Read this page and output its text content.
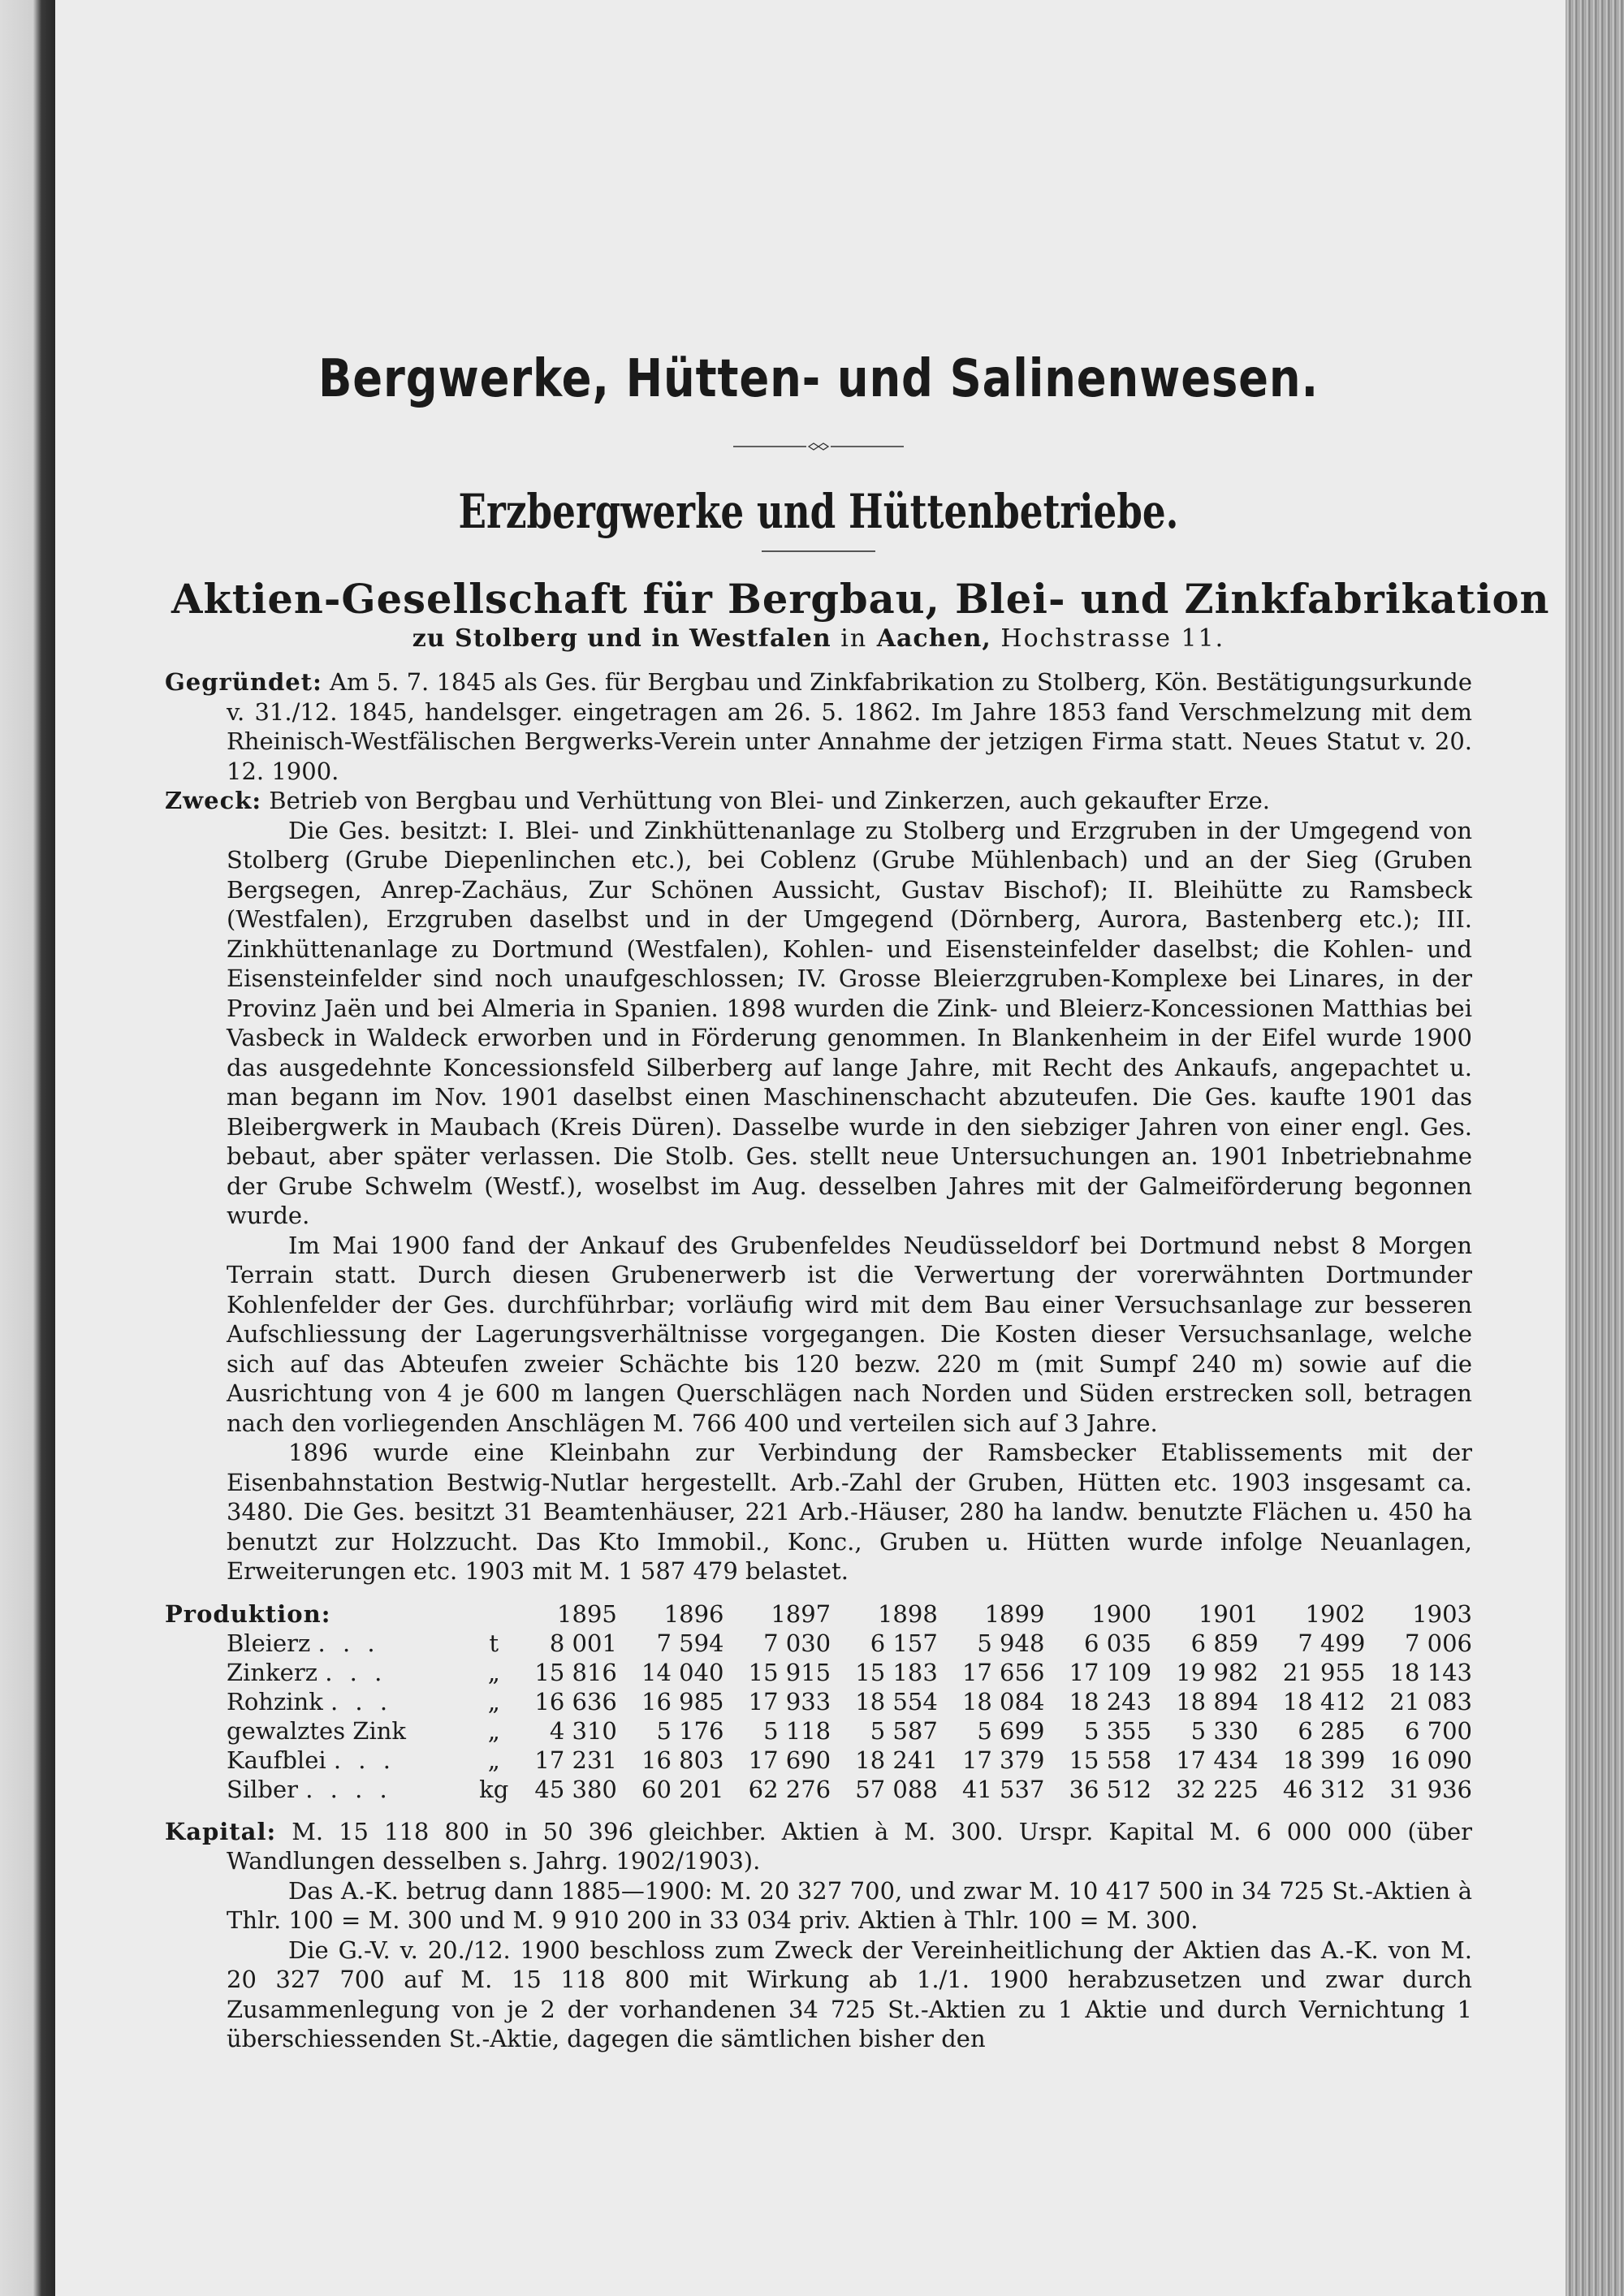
Bergwerke, Hütten- und Salinenwesen.
Erzbergwerke und Hüttenbetriebe.
Aktien-Gesellschaft für Bergbau, Blei- und Zinkfabrikation
zu Stolberg und in Westfalen in Aachen, Hochstrasse 11.

Gegründet: Am 5. 7. 1845 als Ges. für Bergbau und Zinkfabrikation zu Stolberg, Kön. Bestätigungsurkunde v. 31./12. 1845, handelsger. eingetragen am 26. 5. 1862. Im Jahre 1853 fand Verschmelzung mit dem Rheinisch-Westfälischen Bergwerks-Verein unter Annahme der jetzigen Firma statt. Neues Statut v. 20. 12. 1900.

Zweck: Betrieb von Bergbau und Verhüttung von Blei- und Zinkerzen, auch gekaufter Erze.

Die Ges. besitzt: I. Blei- und Zinkhüttenanlage zu Stolberg und Erzgruben in der Umgegend von Stolberg (Grube Diepenlinchen etc.), bei Coblenz (Grube Mühlenbach) und an der Sieg (Gruben Bergsegen, Anrep-Zachäus, Zur Schönen Aussicht, Gustav Bischof); II. Bleihütte zu Ramsbeck (Westfalen), Erzgruben daselbst und in der Umgegend (Dörnberg, Aurora, Bastenberg etc.); III. Zinkhüttenanlage zu Dortmund (Westfalen), Kohlen- und Eisensteinfelder daselbst; die Kohlen- und Eisensteinfelder sind noch unaufgeschlossen; IV. Grosse Bleierzgruben-Komplexe bei Linares, in der Provinz Jaën und bei Almeria in Spanien. 1898 wurden die Zink- und Bleierz-Koncessionen Matthias bei Vasbeck in Waldeck erworben und in Förderung genommen. In Blankenheim in der Eifel wurde 1900 das ausgedehnte Koncessionsfeld Silberberg auf lange Jahre, mit Recht des Ankaufs, angepachtet u. man begann im Nov. 1901 daselbst einen Maschinenschacht abzuteufen. Die Ges. kaufte 1901 das Bleibergwerk in Maubach (Kreis Düren). Dasselbe wurde in den siebziger Jahren von einer engl. Ges. bebaut, aber später verlassen. Die Stolb. Ges. stellt neue Untersuchungen an. 1901 Inbetriebnahme der Grube Schwelm (Westf.), woselbst im Aug. desselben Jahres mit der Galmeiförderung begonnen wurde.

Im Mai 1900 fand der Ankauf des Grubenfeldes Neudüsseldorf bei Dortmund nebst 8 Morgen Terrain statt. Durch diesen Grubenerwerb ist die Verwertung der vorerwähnten Dortmunder Kohlenfelder der Ges. durchführbar; vorläufig wird mit dem Bau einer Versuchsanlage zur besseren Aufschliessung der Lagerungsverhältnisse vorgegangen. Die Kosten dieser Versuchsanlage, welche sich auf das Abteufen zweier Schächte bis 120 bezw. 220 m (mit Sumpf 240 m) sowie auf die Ausrichtung von 4 je 600 m langen Querschlägen nach Norden und Süden erstrecken soll, betragen nach den vorliegenden Anschlägen M. 766 400 und verteilen sich auf 3 Jahre.

1896 wurde eine Kleinbahn zur Verbindung der Ramsbecker Etablissements mit der Eisenbahnstation Bestwig-Nutlar hergestellt. Arb.-Zahl der Gruben, Hütten etc. 1903 insgesamt ca. 3480. Die Ges. besitzt 31 Beamtenhäuser, 221 Arb.-Häuser, 280 ha landw. benutzte Flächen u. 450 ha benutzt zur Holzzucht. Das Kto Immobil., Konc., Gruben u. Hütten wurde infolge Neuanlagen, Erweiterungen etc. 1903 mit M. 1 587 479 belastet.

Produktion:		1895	1896	1897	1898	1899	1900	1901	1902	1903
Bleierz . . .	t	8 001	7 594	7 030	6 157	5 948	6 035	6 859	7 499	7 006
Zinkerz . . .	„	15 816	14 040	15 915	15 183	17 656	17 109	19 982	21 955	18 143
Rohzink . . .	„	16 636	16 985	17 933	18 554	18 084	18 243	18 894	18 412	21 083
gewalztes Zink	„	4 310	5 176	5 118	5 587	5 699	5 355	5 330	6 285	6 700
Kaufblei . . .	„	17 231	16 803	17 690	18 241	17 379	15 558	17 434	18 399	16 090
Silber . . . .	kg	45 380	60 201	62 276	57 088	41 537	36 512	32 225	46 312	31 936

Kapital: M. 15 118 800 in 50 396 gleichber. Aktien à M. 300. Urspr. Kapital M. 6 000 000 (über Wandlungen desselben s. Jahrg. 1902/1903).

Das A.-K. betrug dann 1885—1900: M. 20 327 700, und zwar M. 10 417 500 in 34 725 St.-Aktien à Thlr. 100 = M. 300 und M. 9 910 200 in 33 034 priv. Aktien à Thlr. 100 = M. 300.

Die G.-V. v. 20./12. 1900 beschloss zum Zweck der Vereinheitlichung der Aktien das A.-K. von M. 20 327 700 auf M. 15 118 800 mit Wirkung ab 1./1. 1900 herabzusetzen und zwar durch Zusammenlegung von je 2 der vorhandenen 34 725 St.-Aktien zu 1 Aktie und durch Vernichtung 1 überschiessenden St.-Aktie, dagegen die sämtlichen bisher den
